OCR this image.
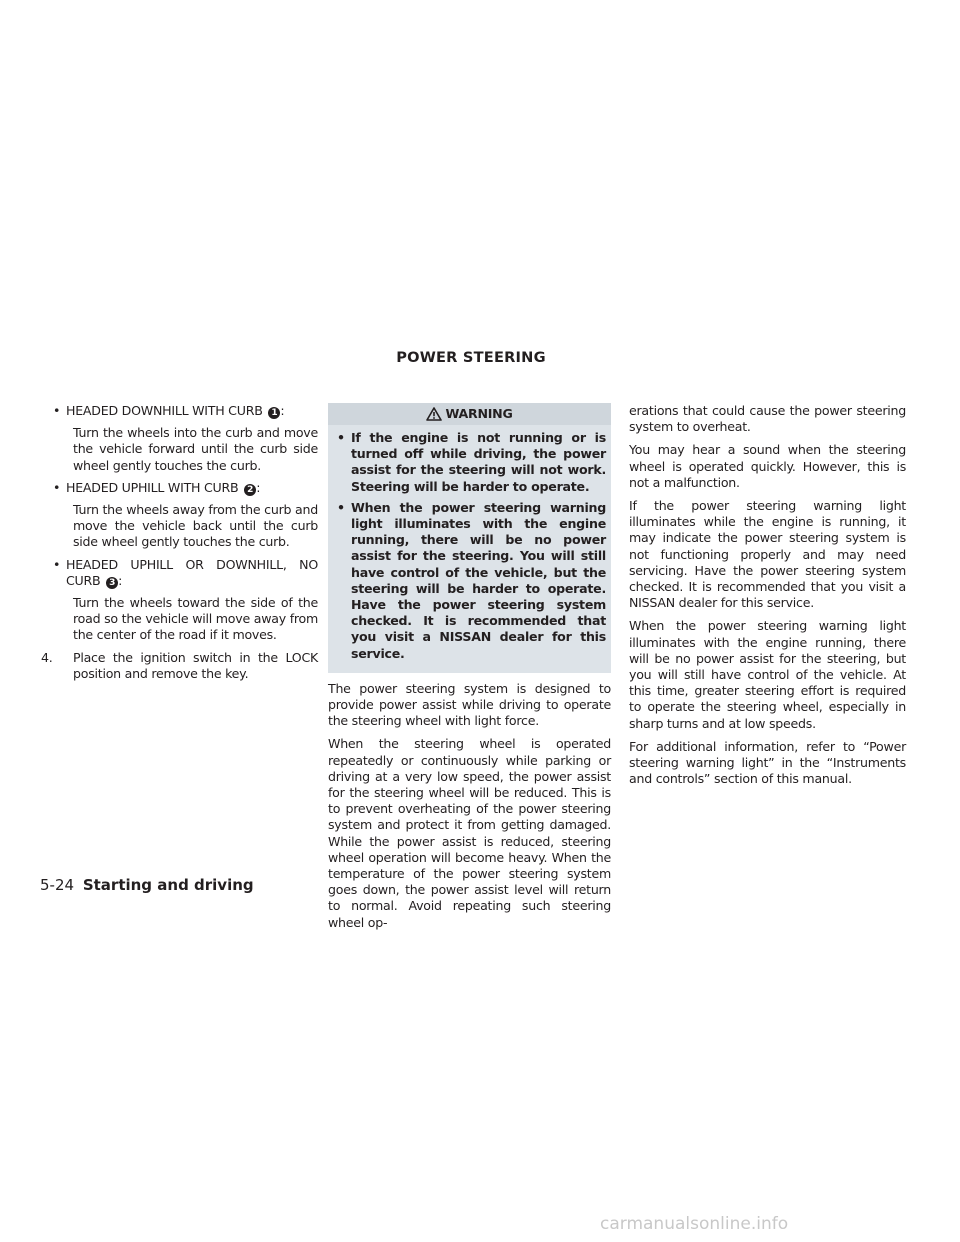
POWER STEERING
• HEADED DOWNHILL WITH CURB 1 :
Turn the wheels into the curb and move the vehicle forward until the curb side wheel gently touches the curb.
• HEADED UPHILL WITH CURB 2 :
Turn the wheels away from the curb and move the vehicle back until the curb side wheel gently touches the curb.
• HEADED UPHILL OR DOWNHILL, NO CURB 3 :
Turn the wheels toward the side of the road so the vehicle will move away from the center of the road if it moves.
4. Place the ignition switch in the LOCK position and remove the key.
WARNING
• If the engine is not running or is turned off while driving, the power assist for the steering will not work. Steering will be harder to operate.
• When the power steering warning light illuminates with the engine running, there will be no power assist for the steering. You will still have control of the vehicle, but the steering will be harder to operate. Have the power steering system checked. It is recommended that you visit a NISSAN dealer for this service.

The power steering system is designed to provide power assist while driving to operate the steering wheel with light force.

When the steering wheel is operated repeatedly or continuously while parking or driving at a very low speed, the power assist for the steering wheel will be reduced. This is to prevent overheating of the power steering system and protect it from getting damaged. While the power assist is reduced, steering wheel operation will become heavy. When the temperature of the power steering system goes down, the power assist level will return to normal. Avoid repeating such steering wheel op-

erations that could cause the power steering system to overheat.

You may hear a sound when the steering wheel is operated quickly. However, this is not a malfunction.

If the power steering warning light illuminates while the engine is running, it may indicate the power steering system is not functioning properly and may need servicing. Have the power steering system checked. It is recommended that you visit a NISSAN dealer for this service.

When the power steering warning light illuminates with the engine running, there will be no power assist for the steering, but you will still have control of the vehicle. At this time, greater steering effort is required to operate the steering wheel, especially in sharp turns and at low speeds.

For additional information, refer to “Power steering warning light” in the “Instruments and controls” section of this manual.

5-24 Starting and driving
carmanualsonline.info
